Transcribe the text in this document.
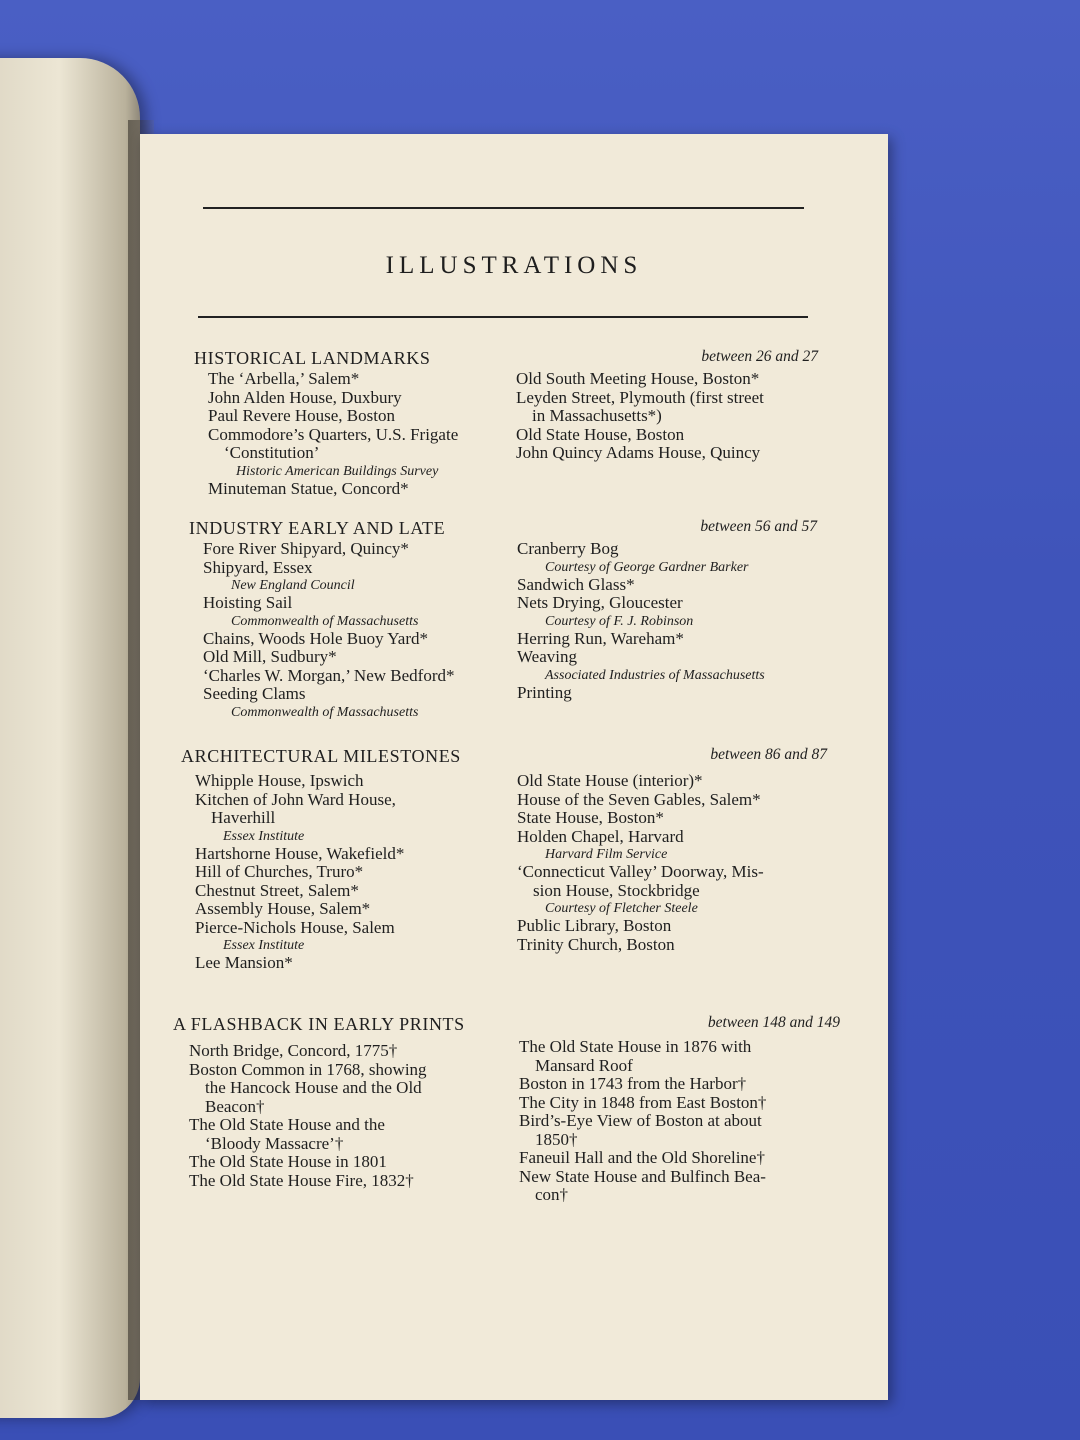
ILLUSTRATIONS
HISTORICAL LANDMARKS	between 26 and 27
The ‘Arbella,’ Salem*
John Alden House, Duxbury
Paul Revere House, Boston
Commodore’s Quarters, U.S. Frigate
‘Constitution’
Historic American Buildings Survey
Minuteman Statue, Concord*
Old South Meeting House, Boston*
Leyden Street, Plymouth (first street
in Massachusetts*)
Old State House, Boston
John Quincy Adams House, Quincy
INDUSTRY EARLY AND LATE	between 56 and 57
Fore River Shipyard, Quincy*
Shipyard, Essex
New England Council
Hoisting Sail
Commonwealth of Massachusetts
Chains, Woods Hole Buoy Yard*
Old Mill, Sudbury*
‘Charles W. Morgan,’ New Bedford*
Seeding Clams
Commonwealth of Massachusetts
Cranberry Bog
Courtesy of George Gardner Barker
Sandwich Glass*
Nets Drying, Gloucester
Courtesy of F. J. Robinson
Herring Run, Wareham*
Weaving
Associated Industries of Massachusetts
Printing
ARCHITECTURAL MILESTONES	between 86 and 87
Whipple House, Ipswich
Kitchen of John Ward House,
Haverhill
Essex Institute
Hartshorne House, Wakefield*
Hill of Churches, Truro*
Chestnut Street, Salem*
Assembly House, Salem*
Pierce-Nichols House, Salem
Essex Institute
Lee Mansion*
Old State House (interior)*
House of the Seven Gables, Salem*
State House, Boston*
Holden Chapel, Harvard
Harvard Film Service
‘Connecticut Valley’ Doorway, Mis-
sion House, Stockbridge
Courtesy of Fletcher Steele
Public Library, Boston
Trinity Church, Boston
A FLASHBACK IN EARLY PRINTS	between 148 and 149
North Bridge, Concord, 1775†
Boston Common in 1768, showing
the Hancock House and the Old
Beacon†
The Old State House and the
‘Bloody Massacre’†
The Old State House in 1801
The Old State House Fire, 1832†
The Old State House in 1876 with
Mansard Roof
Boston in 1743 from the Harbor†
The City in 1848 from East Boston†
Bird’s-Eye View of Boston at about
1850†
Faneuil Hall and the Old Shoreline†
New State House and Bulfinch Bea-
con†
